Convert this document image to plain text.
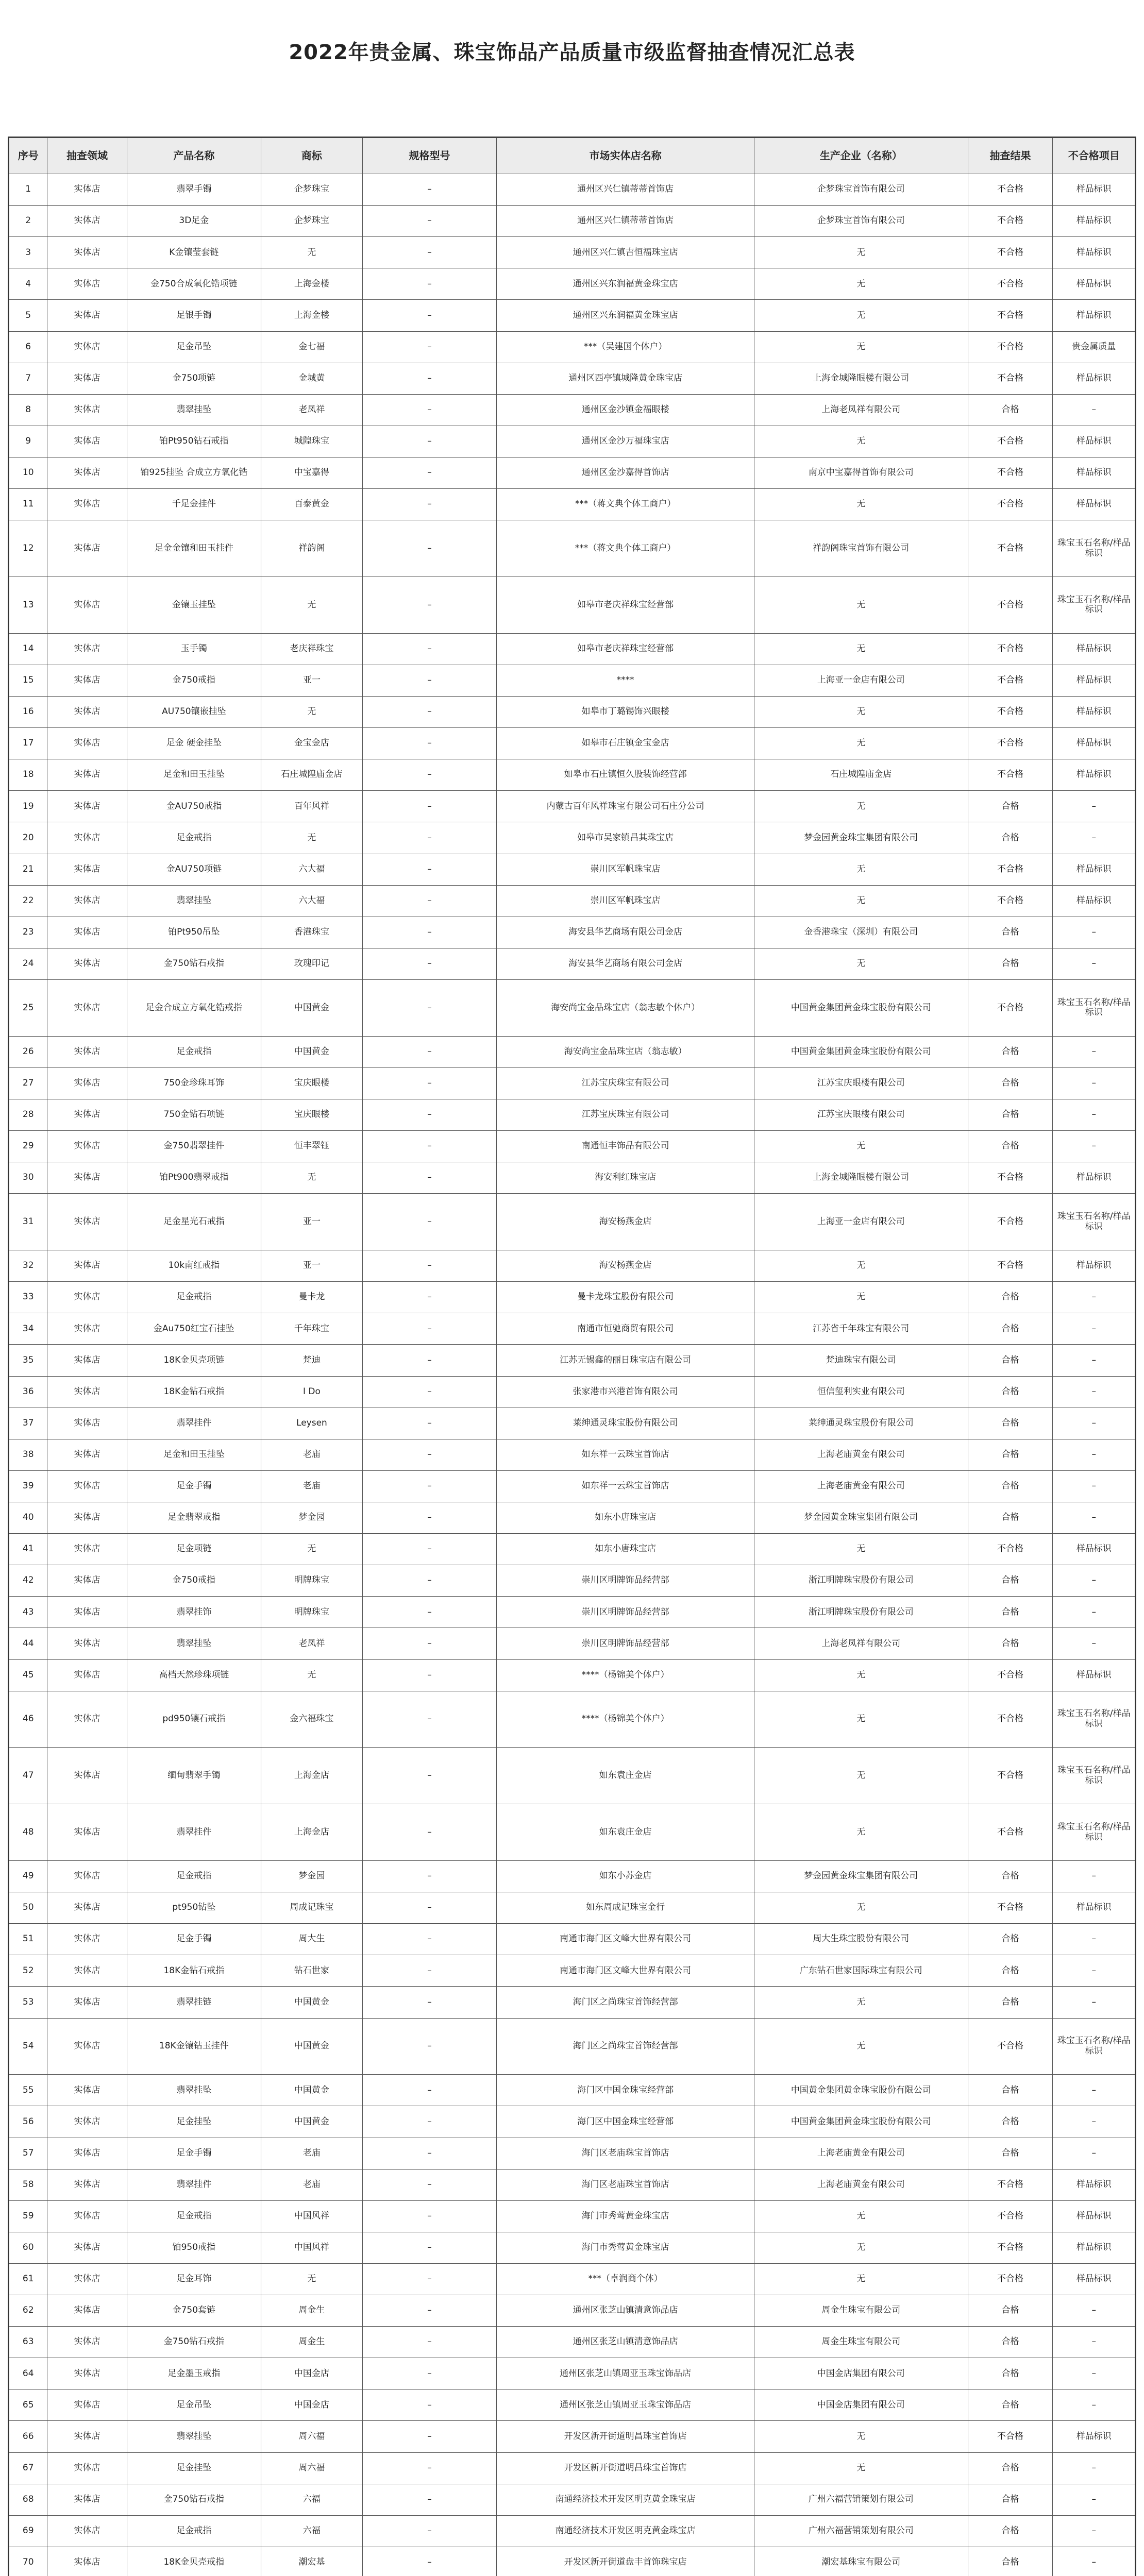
2022年贵金属、珠宝饰品产品质量市级监督抽查情况汇总表
序号	抽查领域	产品名称	商标	规格型号	市场实体店名称	生产企业（名称）	抽查结果	不合格项目
1	实体店	翡翠手镯	企梦珠宝	–	通州区兴仁镇蒂蒂首饰店	企梦珠宝首饰有限公司	不合格	样品标识
2	实体店	3D足金	企梦珠宝	–	通州区兴仁镇蒂蒂首饰店	企梦珠宝首饰有限公司	不合格	样品标识
3	实体店	K金镶莹套链	无	–	通州区兴仁镇吉恒福珠宝店	无	不合格	样品标识
4	实体店	金750合成氧化锆项链	上海金楼	–	通州区兴东润福黄金珠宝店	无	不合格	样品标识
5	实体店	足银手镯	上海金楼	–	通州区兴东润福黄金珠宝店	无	不合格	样品标识
6	实体店	足金吊坠	金七福	–	***（吴建国个体户）	无	不合格	贵金属质量
7	实体店	金750项链	金城黄	–	通州区西亭镇城隆黄金珠宝店	上海金城隆眼楼有限公司	不合格	样品标识
8	实体店	翡翠挂坠	老凤祥	–	通州区金沙镇金福眼楼	上海老凤祥有限公司	合格	–
9	实体店	铂Pt950钻石戒指	城隍珠宝	–	通州区金沙万福珠宝店	无	不合格	样品标识
10	实体店	铂925挂坠 合成立方氧化锆	中宝嘉得	–	通州区金沙嘉得首饰店	南京中宝嘉得首饰有限公司	不合格	样品标识
11	实体店	千足金挂件	百泰黄金	–	***（蒋文典个体工商户）	无	不合格	样品标识
12	实体店	足金金镶和田玉挂件	祥韵阁	–	***（蒋文典个体工商户）	祥韵阁珠宝首饰有限公司	不合格	珠宝玉石名称/样品标识
13	实体店	金镶玉挂坠	无	–	如皋市老庆祥珠宝经营部	无	不合格	珠宝玉石名称/样品标识
14	实体店	玉手镯	老庆祥珠宝	–	如皋市老庆祥珠宝经营部	无	不合格	样品标识
15	实体店	金750戒指	亚一	–	****	上海亚一金店有限公司	不合格	样品标识
16	实体店	AU750镶嵌挂坠	无	–	如皋市丁璐锡饰兴眼楼	无	不合格	样品标识
17	实体店	足金 硬金挂坠	金宝金店	–	如皋市石庄镇金宝金店	无	不合格	样品标识
18	实体店	足金和田玉挂坠	石庄城隍庙金店	–	如皋市石庄镇恒久股装饰经营部	石庄城隍庙金店	不合格	样品标识
19	实体店	金AU750戒指	百年风祥	–	内蒙古百年风祥珠宝有限公司石庄分公司	无	合格	–
20	实体店	足金戒指	无	–	如皋市吴家镇昌其珠宝店	梦金园黄金珠宝集团有限公司	合格	–
21	实体店	金AU750项链	六大福	–	崇川区军帆珠宝店	无	不合格	样品标识
22	实体店	翡翠挂坠	六大福	–	崇川区军帆珠宝店	无	不合格	样品标识
23	实体店	铂Pt950吊坠	香港珠宝	–	海安县华艺商场有限公司金店	金香港珠宝（深圳）有限公司	合格	–
24	实体店	金750钻石戒指	玫瑰印记	–	海安县华艺商场有限公司金店	无	合格	–
25	实体店	足金合成立方氧化锆戒指	中国黄金	–	海安尚宝金品珠宝店（翁志敏个体户）	中国黄金集团黄金珠宝股份有限公司	不合格	珠宝玉石名称/样品标识
26	实体店	足金戒指	中国黄金	–	海安尚宝金品珠宝店（翁志敏）	中国黄金集团黄金珠宝股份有限公司	合格	–
27	实体店	750金珍珠耳饰	宝庆眼楼	–	江苏宝庆珠宝有限公司	江苏宝庆眼楼有限公司	合格	–
28	实体店	750金钻石项链	宝庆眼楼	–	江苏宝庆珠宝有限公司	江苏宝庆眼楼有限公司	合格	–
29	实体店	金750翡翠挂件	恒丰翠钰	–	南通恒丰饰品有限公司	无	合格	–
30	实体店	铂Pt900翡翠戒指	无	–	海安利红珠宝店	上海金城隆眼楼有限公司	不合格	样品标识
31	实体店	足金星光石戒指	亚一	–	海安杨燕金店	上海亚一金店有限公司	不合格	珠宝玉石名称/样品标识
32	实体店	10k南红戒指	亚一	–	海安杨燕金店	无	不合格	样品标识
33	实体店	足金戒指	曼卡龙	–	曼卡龙珠宝股份有限公司	无	合格	–
34	实体店	金Au750红宝石挂坠	千年珠宝	–	南通市恒驰商贸有限公司	江苏省千年珠宝有限公司	合格	–
35	实体店	18K金贝壳项链	梵迪	–	江苏无锡鑫的丽日珠宝店有限公司	梵迪珠宝有限公司	合格	–
36	实体店	18K金钻石戒指	I Do	–	张家港市兴港首饰有限公司	恒信玺利实业有限公司	合格	–
37	实体店	翡翠挂件	Leysen	–	莱绅通灵珠宝股份有限公司	莱绅通灵珠宝股份有限公司	合格	–
38	实体店	足金和田玉挂坠	老庙	–	如东祥一云珠宝首饰店	上海老庙黄金有限公司	合格	–
39	实体店	足金手镯	老庙	–	如东祥一云珠宝首饰店	上海老庙黄金有限公司	合格	–
40	实体店	足金翡翠戒指	梦金园	–	如东小唐珠宝店	梦金园黄金珠宝集团有限公司	合格	–
41	实体店	足金项链	无	–	如东小唐珠宝店	无	不合格	样品标识
42	实体店	金750戒指	明牌珠宝	–	崇川区明牌饰品经营部	浙江明牌珠宝股份有限公司	合格	–
43	实体店	翡翠挂饰	明牌珠宝	–	崇川区明牌饰品经营部	浙江明牌珠宝股份有限公司	合格	–
44	实体店	翡翠挂坠	老凤祥	–	崇川区明牌饰品经营部	上海老凤祥有限公司	合格	–
45	实体店	高档天然珍珠项链	无	–	****（杨锦美个体户）	无	不合格	样品标识
46	实体店	pd950镶石戒指	金六福珠宝	–	****（杨锦美个体户）	无	不合格	珠宝玉石名称/样品标识
47	实体店	缅甸翡翠手镯	上海金店	–	如东袁庄金店	无	不合格	珠宝玉石名称/样品标识
48	实体店	翡翠挂件	上海金店	–	如东袁庄金店	无	不合格	珠宝玉石名称/样品标识
49	实体店	足金戒指	梦金园	–	如东小苏金店	梦金园黄金珠宝集团有限公司	合格	–
50	实体店	pt950钻坠	周成记珠宝	–	如东周成记珠宝金行	无	不合格	样品标识
51	实体店	足金手镯	周大生	–	南通市海门区文峰大世界有限公司	周大生珠宝股份有限公司	合格	–
52	实体店	18K金钻石戒指	钻石世家	–	南通市海门区文峰大世界有限公司	广东钻石世家国际珠宝有限公司	合格	–
53	实体店	翡翠挂链	中国黄金	–	海门区之尚珠宝首饰经营部	无	合格	–
54	实体店	18K金镶钻玉挂件	中国黄金	–	海门区之尚珠宝首饰经营部	无	不合格	珠宝玉石名称/样品标识
55	实体店	翡翠挂坠	中国黄金	–	海门区中国金珠宝经营部	中国黄金集团黄金珠宝股份有限公司	合格	–
56	实体店	足金挂坠	中国黄金	–	海门区中国金珠宝经营部	中国黄金集团黄金珠宝股份有限公司	合格	–
57	实体店	足金手镯	老庙	–	海门区老庙珠宝首饰店	上海老庙黄金有限公司	合格	–
58	实体店	翡翠挂件	老庙	–	海门区老庙珠宝首饰店	上海老庙黄金有限公司	不合格	样品标识
59	实体店	足金戒指	中国风祥	–	海门市秀莺黄金珠宝店	无	不合格	样品标识
60	实体店	铂950戒指	中国风祥	–	海门市秀莺黄金珠宝店	无	不合格	样品标识
61	实体店	足金耳饰	无	–	***（卓润商个体）	无	不合格	样品标识
62	实体店	金750套链	周金生	–	通州区张芝山镇清意饰品店	周金生珠宝有限公司	合格	–
63	实体店	金750钻石戒指	周金生	–	通州区张芝山镇清意饰品店	周金生珠宝有限公司	合格	–
64	实体店	足金墨玉戒指	中国金店	–	通州区张芝山镇周亚玉珠宝饰品店	中国金店集团有限公司	合格	–
65	实体店	足金吊坠	中国金店	–	通州区张芝山镇周亚玉珠宝饰品店	中国金店集团有限公司	合格	–
66	实体店	翡翠挂坠	周六福	–	开发区新开街道明昌珠宝首饰店	无	不合格	样品标识
67	实体店	足金挂坠	周六福	–	开发区新开街道明昌珠宝首饰店	无	合格	–
68	实体店	金750钻石戒指	六福	–	南通经济技术开发区明克黄金珠宝店	广州六福营销策划有限公司	合格	–
69	实体店	足金戒指	六福	–	南通经济技术开发区明克黄金珠宝店	广州六福营销策划有限公司	合格	–
70	实体店	18K金贝壳戒指	潮宏基	–	开发区新开街道盘丰首饰珠宝店	潮宏基珠宝有限公司	合格	–
